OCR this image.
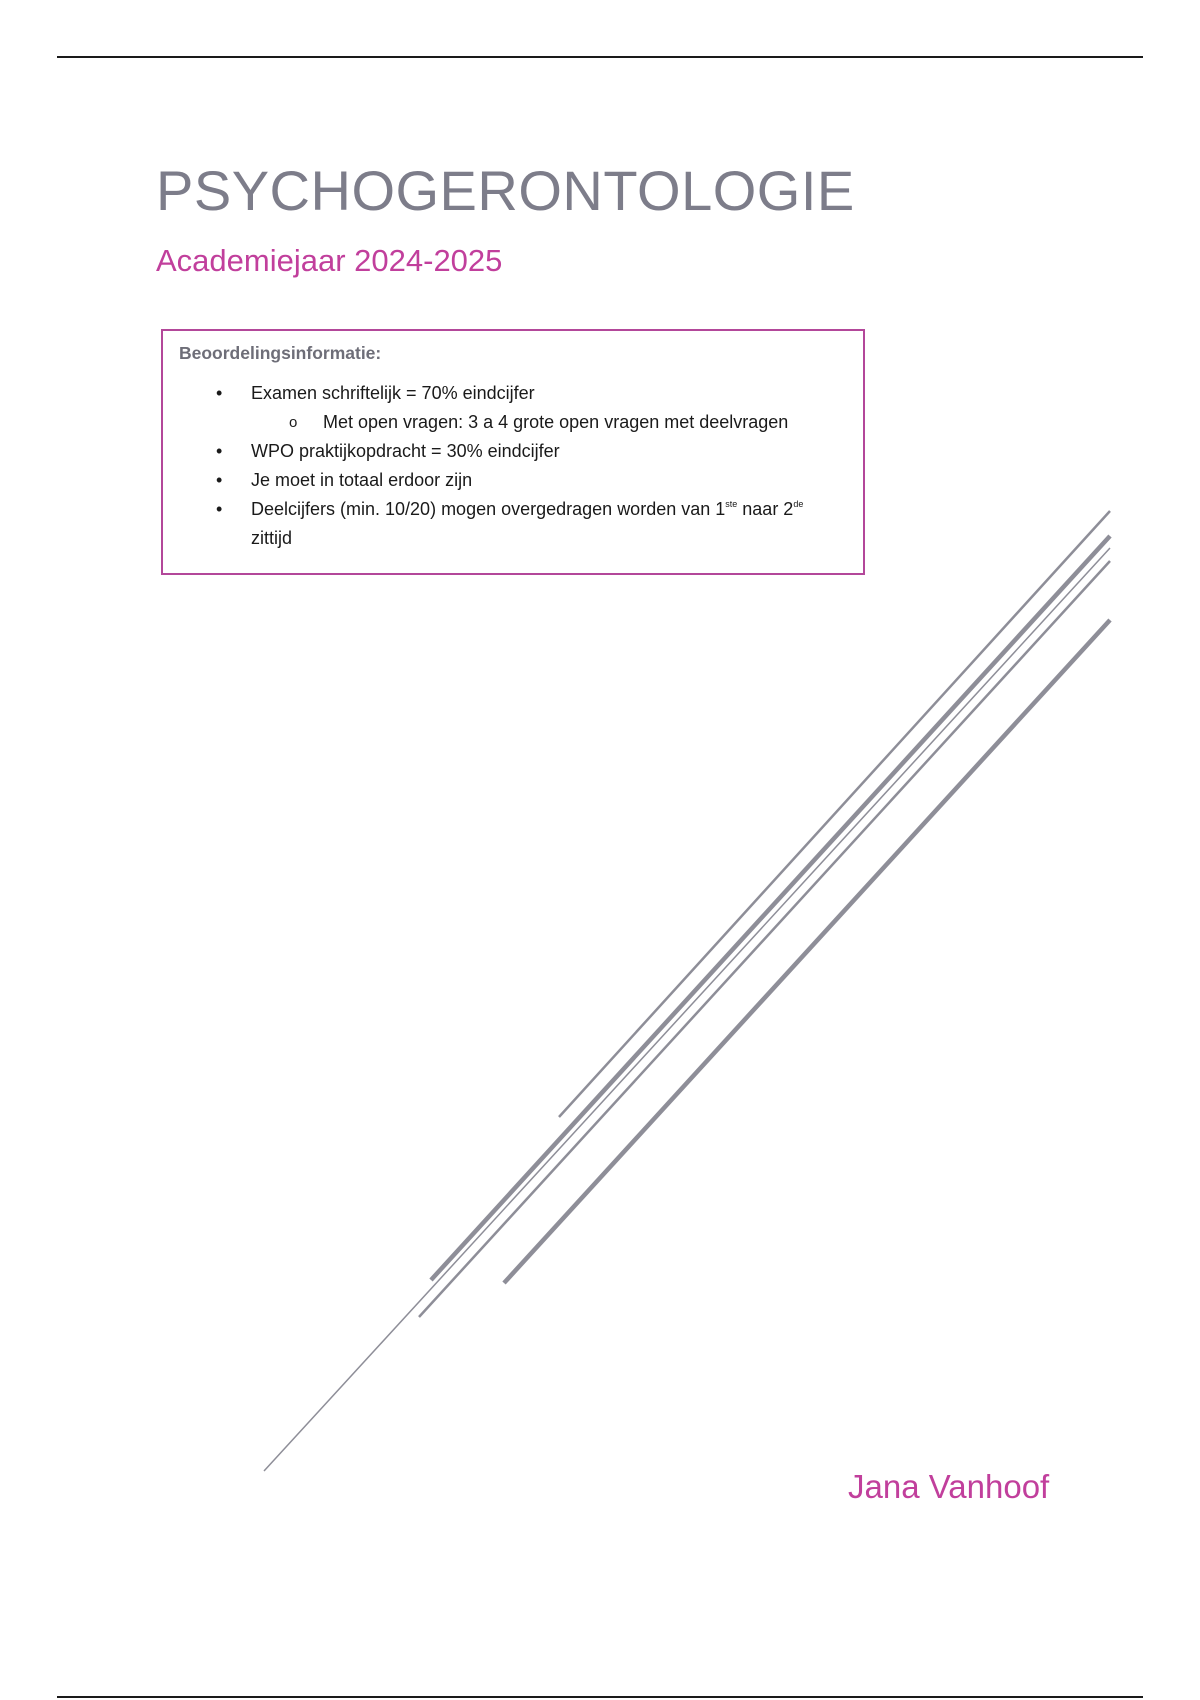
PSYCHOGERONTOLOGIE
Academiejaar 2024-2025
Beoordelingsinformatie:
• Examen schriftelijk = 70% eindcijfer
o Met open vragen: 3 a 4 grote open vragen met deelvragen
• WPO praktijkopdracht = 30% eindcijfer
• Je moet in totaal erdoor zijn
• Deelcijfers (min. 10/20) mogen overgedragen worden van 1ste naar 2de zittijd
Jana Vanhoof
